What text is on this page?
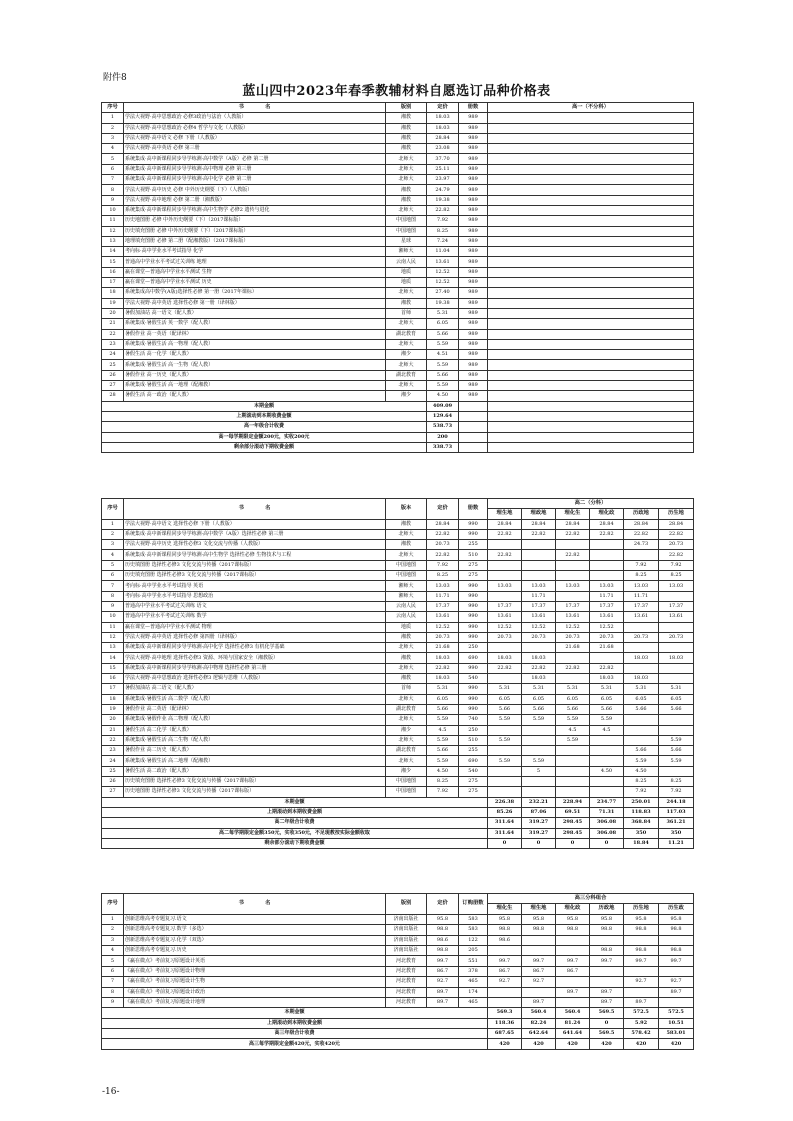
附件8
蓝山四中2023年春季教辅材料自愿选订品种价格表
序号	书　　　　名	版别	定价	册数	高一（不分科）
1	学法大视野·高中思想政治 必修3政治与法治（人教版）	湘教	18.03	989	
2	学法大视野·高中思想政治 必修4 哲学与文化（人教版）	湘教	18.03	989	
3	学法大视野·高中语文 必修 下册（人教版）	湘教	28.84	989	
4	学法大视野·高中英语 必修 第三册	湘教	23.08	989	
5	系统集成·高中新课程同步导学练测·高中数学（A版）必修 第二册	北师大	37.70	989	
6	系统集成·高中新课程同步导学练测·高中物理 必修 第三册	北师大	25.11	989	
7	系统集成·高中新课程同步导学练测·高中化学 必修 第二册	北师大	23.97	989	
8	学法大视野·高中历史 必修 中外历史纲要（下）（人教版）	湘教	24.79	989	
9	学法大视野·高中地理 必修 第二册（湘教版）	湘教	19.38	989	
10	系统集成·高中新课程同步导学练测·高中生物学 必修2 遗传与进化	北师大	22.82	989	
11	历史地图册 必修 中外历史纲要（下）（2017课标版）	中国地图	7.92	989	
12	历史填充图册 必修 中外历史纲要（下）（2017课标版）	中国地图	8.25	989	
13	地理填充图册 必修 第二册（配湘教版）（2017课标版）	星球	7.24	989	
14	考向标·高中学业水平考试指导 化学	湘师大	11.04	989	
15	普通高中学业水平考试过关训练 地理	云南人民	13.61	989	
16	赢在课堂—普通高中学业水平测试 生物	地质	12.52	989	
17	赢在课堂—普通高中学业水平测试 历史	地质	12.52	989	
18	系统集成高中数学(A版)选择性必修 第一册（2017年课标）	北师大	27.40	989	
19	学法大视野·高中英语 选择性必修 第一册（译林版）	湘教	19.38	989	
20	暑假加油站 高一语文（配人教）	首师	5.31	989	
21	系统集成·暑假生活 英一数学（配人教）	北师大	6.05	989	
22	暑假作业 高一英语（配译林）	湖北教育	5.66	989	
23	系统集成·暑假生活 高一物理（配人教）	北师大	5.59	989	
24	暑假生活 高一化学（配人教）	湘少	4.51	989	
25	系统集成·暑假生活 高一生物（配人教）	北师大	5.59	989	
26	暑假作业 高一历史（配人教）	湖北教育	5.66	989	
27	系统集成·暑假生活 高一地理（配湘教）	北师大	5.59	989	
28	暑假生活 高一政治（配人教）	湘少	4.50	989	
本期金额			409.09		
上期滚动到本期收费金额			129.64		
高一年级合计收费			538.73		
高一每学期限定金额200元，实收200元			200		
剩余部分滚动下期收费金额			338.73		
序号	书　　　　名	版本	定价	册数	高二（分科）					
					理生地	理政地	理化生	理化政	历政地	历生地
1	学法大视野·高中语文 选择性必修 下册（人教版）	湘教	28.84	990	28.84	28.84	28.84	28.84	28.84	28.84
2	系统集成·高中新课程同步导学练测·高中数学（A版）选择性必修 第三册	北师大	22.82	990	22.82	22.82	22.82	22.82	22.82	22.82
3	学法大视野·高中历史 选择性必修3 文化交流与传播（人教版）	湘教	20.73	255					24.73	20.73
4	系统集成·高中新课程同步导学练测·高中生物学 选择性必修 生物技术与工程	北师大	22.82	510	22.82		22.82			22.82
5	历史填图册 选择性必修3 文化交流与传播（2017课标版）	中国地图	7.92	275					7.92	7.92
6	历史填充图册 选择性必修3 文化交流与传播（2017课标版）	中国地图	8.25	275					8.25	8.25
7	考向标·高中学业水平考试指导 英语	湘师大	13.03	990	13.03	13.03	13.03	13.03	13.03	13.03
8	考向标·高中学业水平考试指导 思想政治	湘师大	11.71	990		11.71		11.71	11.71	
9	普通高中学业水平考试过关训练 语文	云南人民	17.37	990	17.37	17.37	17.37	17.37	17.37	17.37
10	普通高中学业水平考试过关训练 数学	云南人民	13.61	990	13.61	13.61	13.61	13.61	13.61	13.61
11	赢在课堂—普通高中学业水平测试 物理	地质	12.52	990	12.52	12.52	12.52	12.52		
12	学法大视野·高中英语 选择性必修 第四册（译林版）	湘教	20.73	990	20.73	20.73	20.73	20.73	20.73	20.73
13	系统集成·高中新课程同步导学练测·高中化学 选择性必修3 有机化学基础	北师大	21.68	250			21.68	21.68		
14	学法大视野·高中地理 选择性必修3 资源、环境与国家安全（湘教版）	湘教	18.03	690	18.03	18.03			18.03	18.03
15	系统集成·高中新课程同步导学练测·高中物理 选择性必修 第三册	北师大	22.82	990	22.82	22.82	22.82	22.82		
16	学法大视野·高中思想政治 选择性必修3 逻辑与思维（人教版）	湘教	18.03	540		18.03		18.03	18.03	
17	暑假加油站 高二语文（配人教）	首师	5.31	990	5.31	5.31	5.31	5.31	5.31	5.31
18	系统集成·暑假生活 高二数学（配人教）	北师大	6.05	990	6.05	6.05	6.05	6.05	6.05	6.05
19	暑假作业 高二英语（配译林）	湖北教育	5.66	990	5.66	5.66	5.66	5.66	5.66	5.66
20	系统集成·暑假作业 高二物理（配人教）	北师大	5.59	740	5.59	5.59	5.59	5.59		
21	暑假生活 高二化学（配人教）	湘少	4.5	250			4.5	4.5		
22	系统集成·暑假生活 高二生物（配人教）	北师大	5.59	510	5.59		5.59			5.59
23	暑假作业 高二历史（配人教）	湖北教育	5.66	255					5.66	5.66
24	系统集成·暑假生活 高二地理（配湘教）	北师大	5.59	690	5.59	5.59			5.59	5.59
25	暑假生活 高二政治（配人教）	湘少	4.50	540		5		4.50	4.50	
26	历史填充图册 选择性必修3 文化交流与传播（2017课标版）	中国地图	8.25	275					8.25	8.25
27	历史地图册 选择性必修3 文化交流与传播（2017课标版）	中国地图	7.92	275					7.92	7.92
本期金额					226.38	232.21	228.94	234.77	250.01	244.18
上期滚动到本期收费金额					85.26	87.06	69.51	71.31	118.83	117.03
高二年级合计收费					311.64	319.27	298.45	306.08	368.84	361.21
高二每学期限定金额350元，实收350元，不足現教按实际金额收取					311.64	319.27	298.45	306.08	350	350
剩余部分滚动下期收费金额					0	0	0	0	18.84	11.21
序号	书　　　　名	版别	定价	订购册数	高三分科组合					
					理化生	理生地	理化政	历政地	历生地	历生政
1	创新思维高考专题复习.语文	济南出版社	95.8	583	95.8	95.8	95.8	95.8	95.8	95.8
2	创新思维高考专题复习.数学（多选）	济南出版社	98.8	583	98.8	98.8	98.8	98.8	98.8	98.8
3	创新思维高考专题复习.化学（双选）	济南出版社	98.6	122	98.6					
4	创新思维高考专题复习.历史	济南出版社	98.8	205				98.8	98.8	98.8
5	《赢在微点》考前复习原题设计英语	河北教育	99.7	551	99.7	99.7	99.7	99.7	99.7	99.7
6	《赢在微点》考前复习原题设计物理	河北教育	86.7	378	86.7	86.7	86.7			
7	《赢在微点》考前复习原题设计生物	河北教育	92.7	465	92.7	92.7			92.7	92.7
8	《赢在微点》考前复习原题设计政治	河北教育	89.7	174			89.7	89.7		89.7
9	《赢在微点》考前复习原题设计地理	河北教育	89.7	465		89.7		89.7	89.7	
本期金额					569.3	560.4	560.4	569.5	572.5	572.5
上期滚动到本期收费金额					118.36	82.24	81.24	0	5.92	10.51
高三年级合计收费					687.65	642.64	641.64	569.5	578.42	583.01
高三每学期限定金额420元，实收420元					420	420	420	420	420	420
-16-
